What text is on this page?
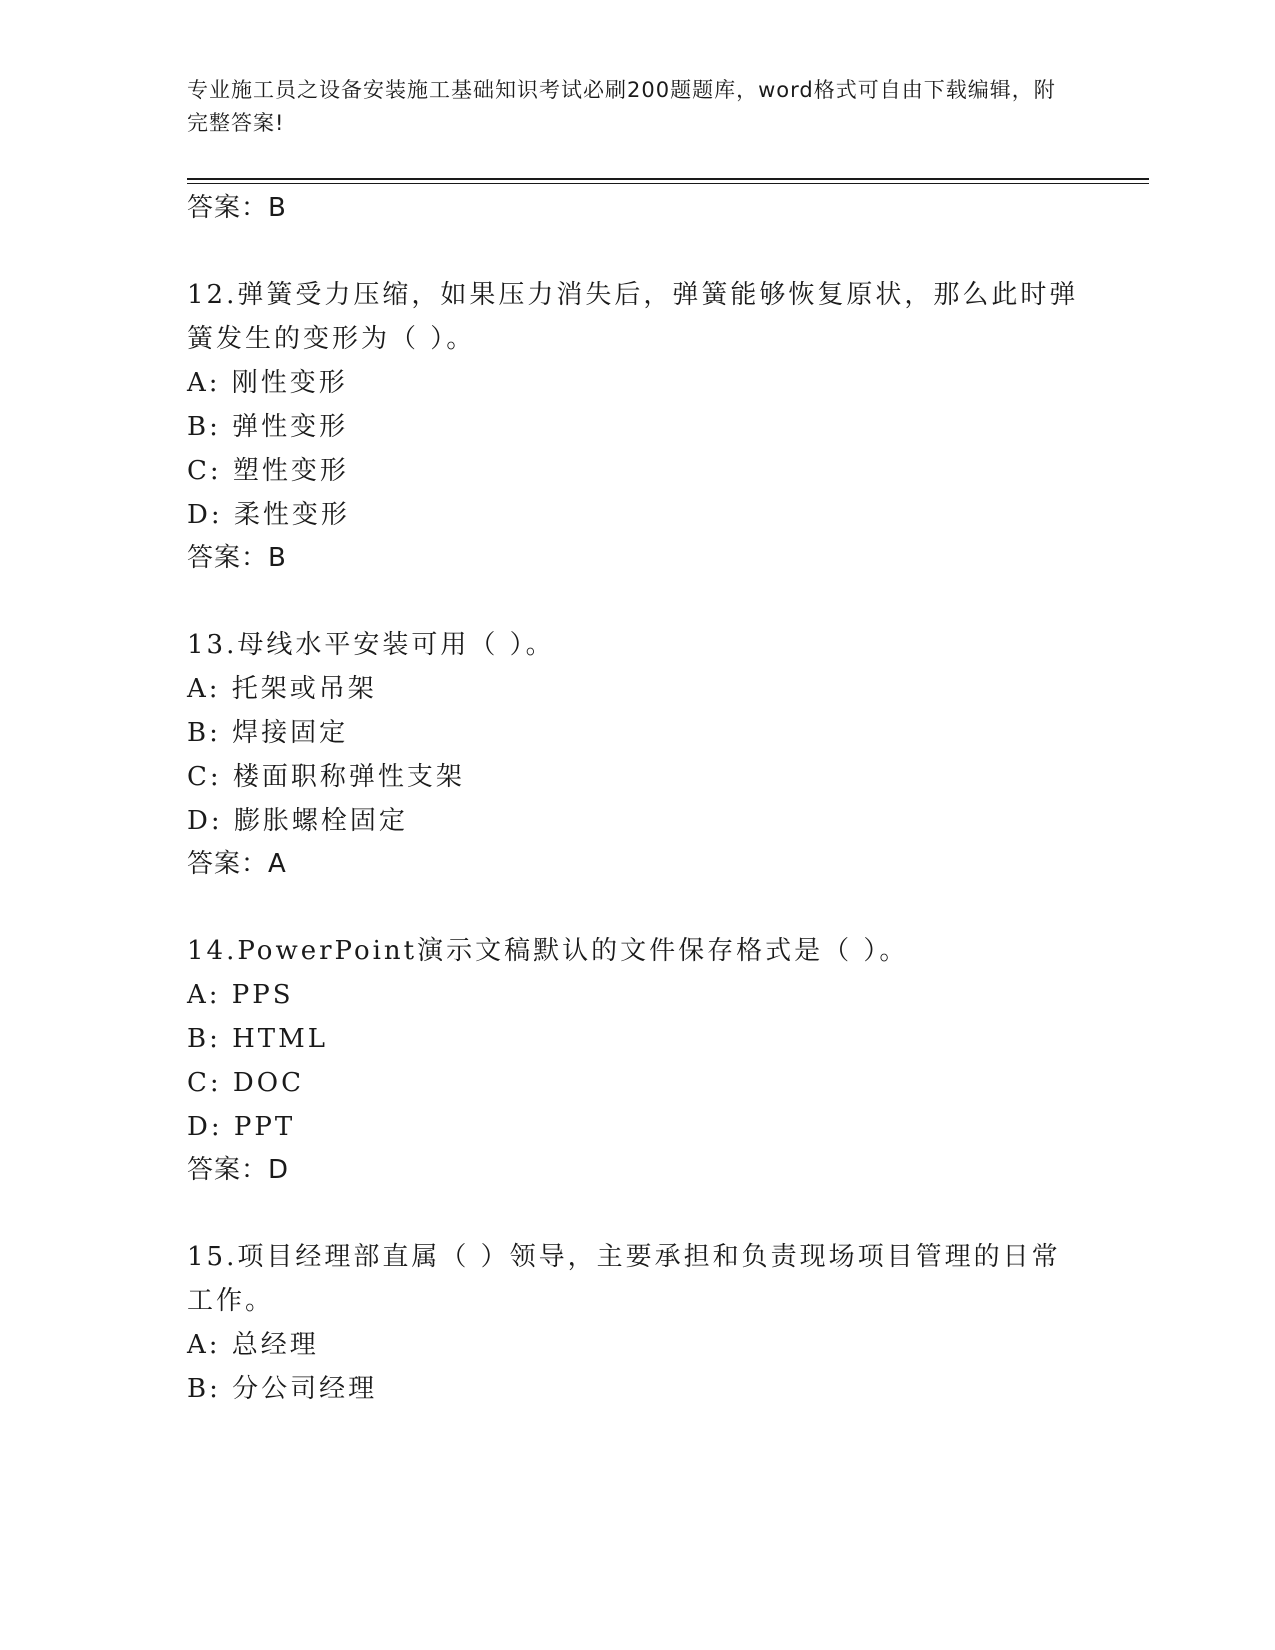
专业施工员之设备安装施工基础知识考试必刷200题题库，word格式可自由下载编辑，附完整答案!
答案：B
12.弹簧受力压缩，如果压力消失后，弹簧能够恢复原状，那么此时弹
簧发生的变形为（ ）。
A: 刚性变形
B: 弹性变形
C: 塑性变形
D: 柔性变形
答案：B
13.母线水平安装可用（ ）。
A: 托架或吊架
B: 焊接固定
C: 楼面职称弹性支架
D: 膨胀螺栓固定
答案：A
14.PowerPoint演示文稿默认的文件保存格式是（ ）。
A: PPS
B: HTML
C: DOC
D: PPT
答案：D
15.项目经理部直属（ ）领导，主要承担和负责现场项目管理的日常
工作。
A: 总经理
B: 分公司经理
